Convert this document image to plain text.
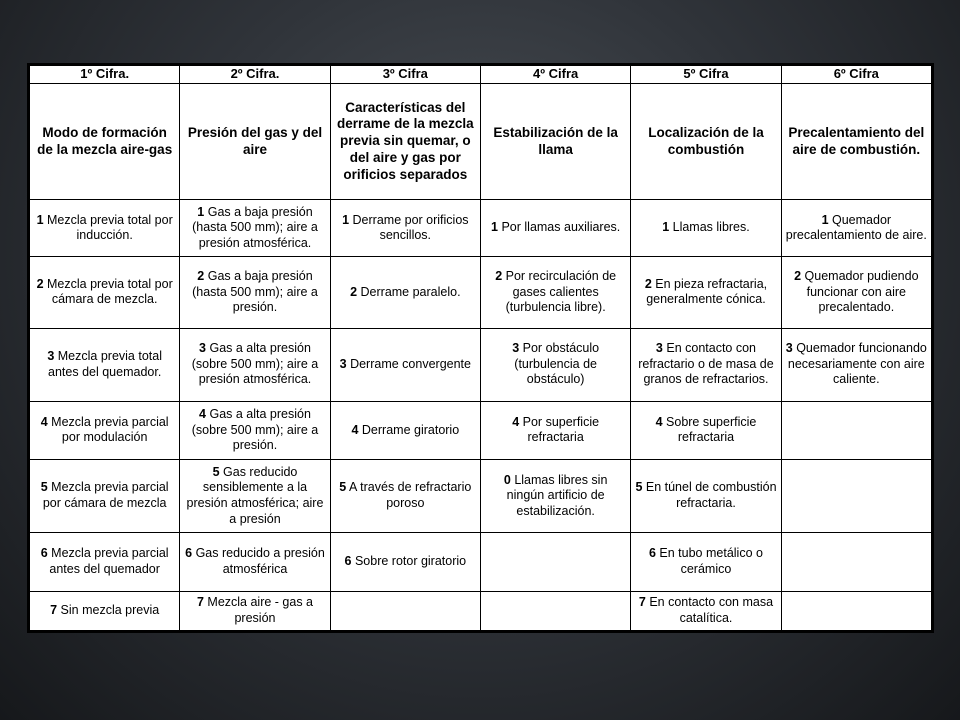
1º Cifra.	2º Cifra.	3º Cifra	4º Cifra	5º Cifra	6º Cifra
Modo de formación de la mezcla aire-gas	Presión del gas y del aire	Características del derrame de la mezcla previa sin quemar, o del aire y gas por orificios separados	Estabilización de la llama	Localización de la combustión	Precalentamiento del aire de combustión.
1 Mezcla previa total por inducción.	1 Gas a baja presión (hasta 500 mm); aire a presión atmosférica.	1 Derrame por orificios sencillos.	1 Por llamas auxiliares.	1 Llamas libres.	1 Quemador precalentamiento de aire.
2 Mezcla previa total por cámara de mezcla.	2 Gas a baja presión (hasta 500 mm); aire a presión.	2 Derrame paralelo.	2 Por recirculación de gases calientes (turbulencia libre).	2 En pieza refractaria, generalmente cónica.	2 Quemador pudiendo funcionar con aire precalentado.
3 Mezcla previa total antes del quemador.	3 Gas a alta presión (sobre 500 mm); aire a presión atmosférica.	3 Derrame convergente	3 Por obstáculo (turbulencia de obstáculo)	3 En contacto con refractario o de masa de granos de refractarios.	3 Quemador funcionando necesariamente con aire caliente.
4 Mezcla previa parcial por modulación	4 Gas a alta presión (sobre 500 mm); aire a presión.	4 Derrame giratorio	4 Por superficie refractaria	4 Sobre superficie refractaria	
5 Mezcla previa parcial por cámara de mezcla	5 Gas reducido sensiblemente a la presión atmosférica; aire a presión	5 A través de refractario poroso	0 Llamas libres sin ningún artificio de estabilización.	5 En túnel de combustión refractaria.	
6 Mezcla previa parcial antes del quemador	6 Gas reducido a presión atmosférica	6 Sobre rotor giratorio		6 En tubo metálico o cerámico	
7 Sin mezcla previa	7 Mezcla aire - gas a presión			7 En contacto con masa catalítica.	
